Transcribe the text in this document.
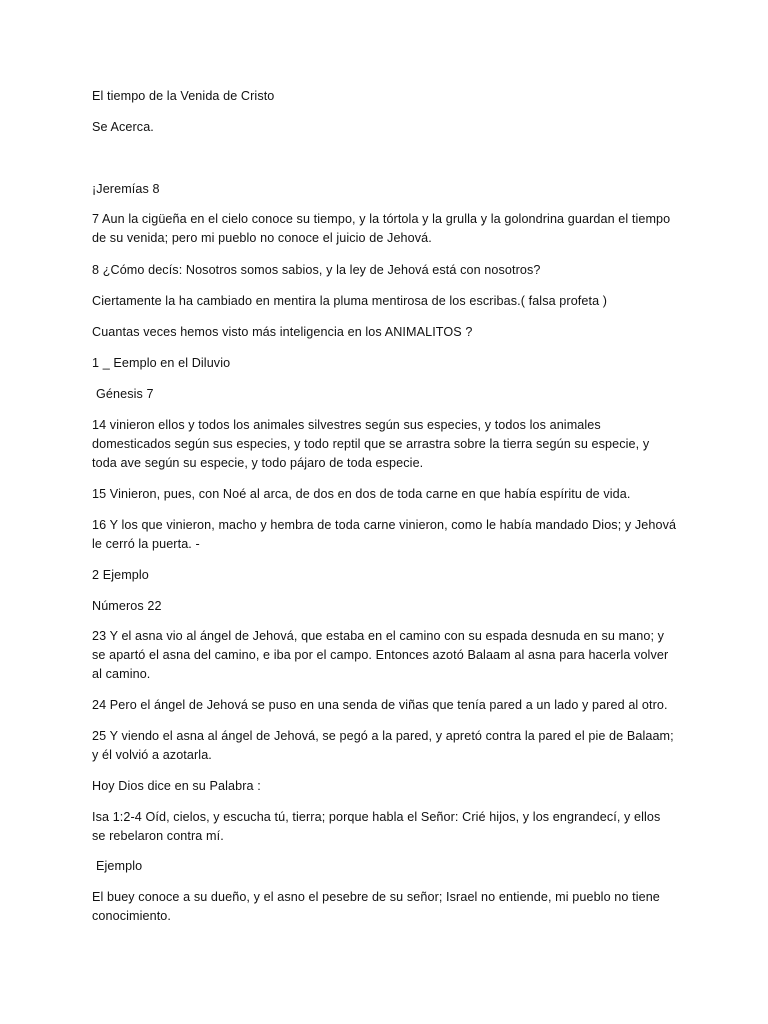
El tiempo de la Venida de Cristo
Se Acerca.
¡Jeremías 8
7 Aun la cigüeña en el cielo conoce su tiempo, y la tórtola y la grulla y la golondrina guardan el tiempo de su venida; pero mi pueblo no conoce el juicio de Jehová.
8 ¿Cómo decís: Nosotros somos sabios, y la ley de Jehová está con nosotros?
Ciertamente la ha cambiado en mentira la pluma mentirosa de los escribas.( falsa profeta )
Cuantas veces hemos visto más inteligencia en los ANIMALITOS ?
1 _ Eemplo en el Diluvio
Génesis 7
14 vinieron ellos y todos los animales silvestres según sus especies, y todos los animales domesticados según sus especies, y todo reptil que se arrastra sobre la tierra según su especie, y toda ave según su especie, y todo pájaro de toda especie.
15 Vinieron, pues, con Noé al arca, de dos en dos de toda carne en que había espíritu de vida.
16 Y los que vinieron, macho y hembra de toda carne vinieron, como le había mandado Dios; y Jehová le cerró la puerta. -
2 Ejemplo
Números 22
23 Y el asna vio al ángel de Jehová, que estaba en el camino con su espada desnuda en su mano; y se apartó el asna del camino, e iba por el campo. Entonces azotó Balaam al asna para hacerla volver al camino.
24 Pero el ángel de Jehová se puso en una senda de viñas que tenía pared a un lado y pared al otro.
25 Y viendo el asna al ángel de Jehová, se pegó a la pared, y apretó contra la pared el pie de Balaam; y él volvió a azotarla.
Hoy Dios dice en su Palabra :
Isa 1:2-4 Oíd, cielos, y escucha tú, tierra; porque habla el Señor: Crié hijos, y los engrandecí, y ellos se rebelaron contra mí.
Ejemplo
El buey conoce a su dueño, y el asno el pesebre de su señor; Israel no entiende, mi pueblo no tiene conocimiento.
